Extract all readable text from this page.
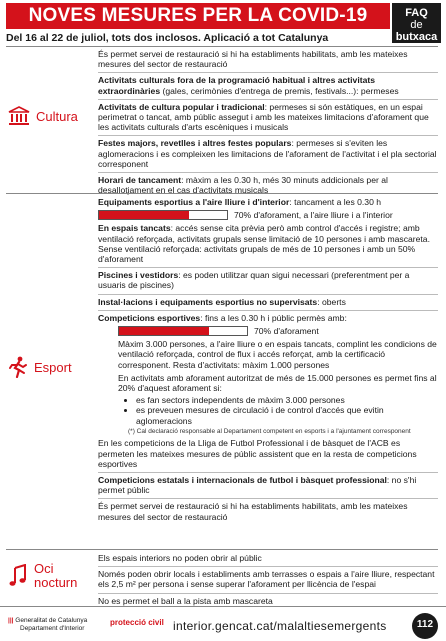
NOVES MESURES PER LA COVID-19	FAQ
de
butxaca
Del 16 al 22 de juliol, tots dos inclosos. Aplicació a tot Catalunya
Cultura

És permet servei de restauració si hi ha establiments habilitats, amb les mateixes mesures del sector de restauració

Activitats culturals fora de la programació habitual i altres activitats extraordinàries (gales, cerimònies d'entrega de premis, festivals...): permeses

Activitats de cultura popular i tradicional: permeses si són estàtiques, en un espai perimetrat o tancat, amb públic assegut i amb les mateixes limitacions d'aforament que les activitats culturals d'arts escèniques i musicals

Festes majors, revetlles i altres festes populars: permeses si s'eviten les aglomeracions i es compleixen les limitacions de l'aforament de l'activitat i el pla sectorial corresponent

Horari de tancament: màxim a les 0.30 h, més 30 minuts addicionals per al desallotjament en el cas d'activitats musicals

Esport

Equipaments esportius a l'aire lliure i d'interior: tancament a les 0.30 h

70% d'aforament, a l'aire lliure i a l'interior

En espais tancats: accés sense cita prèvia però amb control d'accés i registre; amb ventilació reforçada, activitats grupals sense limitació de 10 persones i amb mascareta. Sense ventilació reforçada: activitats grupals de més de 10 persones i amb un 50% d'aforament

Piscines i vestidors: es poden utilitzar quan sigui necessari (preferentment per a usuaris de piscines)

Instal·lacions i equipaments esportius no supervisats: oberts

Competicions esportives: fins a les 0.30 h i públic permès amb:

70% d'aforament

Màxim 3.000 persones, a l'aire lliure o en espais tancats, complint les condicions de ventilació reforçada, control de flux i accés reforçat, amb la certificació corresponent. Resta d'activitats: màxim 1.000 persones

En activitats amb aforament autoritzat de més de 15.000 persones es permet fins al 20% d'aquest aforament si:

• es fan sectors independents de màxim 3.000 persones
• es preveuen mesures de circulació i de control d'accés que evitin aglomeracions

(*) Cal declaració responsable al Departament competent en esports i a l'ajuntament corresponent

En les competicions de la Lliga de Futbol Professional i de bàsquet de l'ACB es permeten les mateixes mesures de públic assistent que en la resta de competicions esportives

Competicions estatals i internacionals de futbol i bàsquet professional: no s'hi permet públic

És permet servei de restauració si hi ha establiments habilitats, amb les mateixes mesures del sector de restauració

Oci
nocturn

Els espais interiors no poden obrir al públic

Només poden obrir locals i establiments amb terrasses o espais a l'aire lliure, respectant els 2,5 m² per persona i sense superar l'aforament per llicència de l'espai

No es permet el ball a la pista amb mascareta

||| Generalitat de Catalunya
Departament d'Interior
protecció civil interior.gencat.cat/malaltiesemergents	112
